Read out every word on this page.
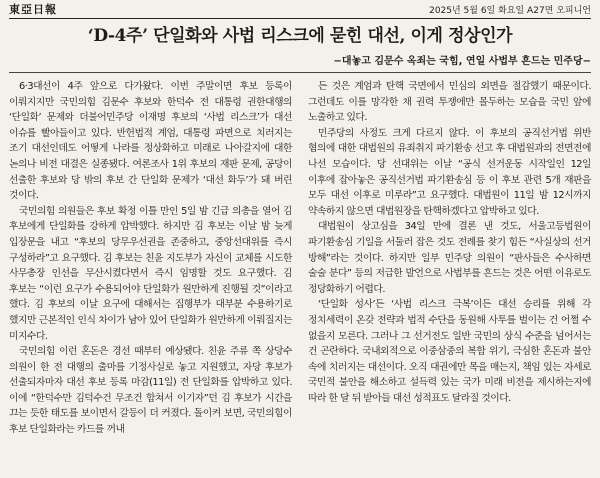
東亞日報	2025년 5월 6일 화요일 A27면 오피니언
‘D-4주’ 단일화와 사법 리스크에 묻힌 대선, 이게 정상인가
−대놓고 김문수 옥죄는 국힘, 연일 사법부 흔드는 민주당−

6·3대선이 4주 앞으로 다가왔다. 이번 주말이면 후보 등록이 이뤄지지만 국민의힘 김문수 후보와 한덕수 전 대통령 권한대행의 ‘단일화’ 문제와 더불어민주당 이재명 후보의 ‘사법 리스크’가 대선 이슈를 빨아들이고 있다. 반헌법적 계엄, 대통령 파면으로 치러지는 조기 대선인데도 어떻게 나라를 정상화하고 미래로 나아갈지에 대한 논의나 비전 대결은 실종됐다. 여론조사 1위 후보의 재판 문제, 공당이 선출한 후보와 당 밖의 후보 간 단일화 문제가 ‘대선 화두’가 돼 버린 것이다.

국민의힘 의원들은 후보 확정 이틀 만인 5일 밤 긴급 의총을 열어 김 후보에게 단일화를 강하게 압박했다. 하지만 김 후보는 이날 밤 늦게 입장문을 내고 “후보의 당무우선권을 존중하고, 중앙선대위를 즉시 구성하라”고 요구했다. 김 후보는 친윤 지도부가 자신이 교체를 시도한 사무총장 인선을 무산시켰다면서 즉시 임명할 것도 요구했다. 김 후보는 “이런 요구가 수용되어야 단일화가 원만하게 진행될 것”이라고 했다. 김 후보의 이날 요구에 대해서는 집행부가 대부분 수용하기로 했지만 근본적인 인식 차이가 남아 있어 단일화가 원만하게 이뤄질지는 미지수다.

국민의힘 이런 혼돈은 경선 때부터 예상됐다. 친윤 주류 쪽 상당수 의원이 한 전 대행의 출마를 기정사실로 놓고 지원했고, 자당 후보가 선출되자마자 대선 후보 등록 마감(11일) 전 단일화를 압박하고 있다. 이에 “한덕수만 김덕수건 무조건 합쳐서 이기자”던 김 후보가 시간을 끄는 듯한 태도를 보이면서 갈등이 더 커졌다. 돌이켜 보면, 국민의힘이 후보 단일화라는 카드를 꺼내

든 것은 계엄과 탄핵 국면에서 민심의 외면을 절감했기 때문이다. 그런데도 이를 망각한 채 권력 투쟁에만 몰두하는 모습을 국민 앞에 노출하고 있다.

민주당의 사정도 크게 다르지 않다. 이 후보의 공직선거법 위반 혐의에 대한 대법원의 유죄취지 파기환송 선고 후 대법원과의 전면전에 나선 모습이다. 당 선대위는 이날 “공식 선거운동 시작일인 12일 이후에 잡아놓은 공직선거법 파기환송심 등 이 후보 관련 5개 재판을 모두 대선 이후로 미루라”고 요구했다. 대법원이 11일 밤 12시까지 약속하지 않으면 대법원장을 탄핵하겠다고 압박하고 있다.

대법원이 상고심을 34일 만에 결론 낸 것도, 서울고등법원이 파기환송심 기일을 서둘러 잡은 것도 전례를 찾기 힘든 “사실상의 선거 방해”라는 것이다. 하지만 일부 민주당 의원이 “판사들은 수사하면 술술 분다” 등의 저급한 발언으로 사법부를 흔드는 것은 어떤 이유로도 정당화하기 어렵다.

‘단일화 성사’든 ‘사법 리스크 극복’이든 대선 승리를 위해 각 정치세력이 온갖 전략과 법적 수단을 동원해 사투를 벌이는 건 어쩔 수 없을지 모른다. 그러나 그 선거전도 일반 국민의 상식 수준을 넘어서는 건 곤란하다. 국내외적으로 이중삼중의 복합 위기, 극심한 혼돈과 불안 속에 치러지는 대선이다. 오직 대권에만 목을 매는지, 책임 있는 자세로 국민적 불안을 해소하고 설득력 있는 국가 미래 비전을 제시하는지에 따라 한 달 뒤 받아들 대선 성적표도 달라질 것이다.
